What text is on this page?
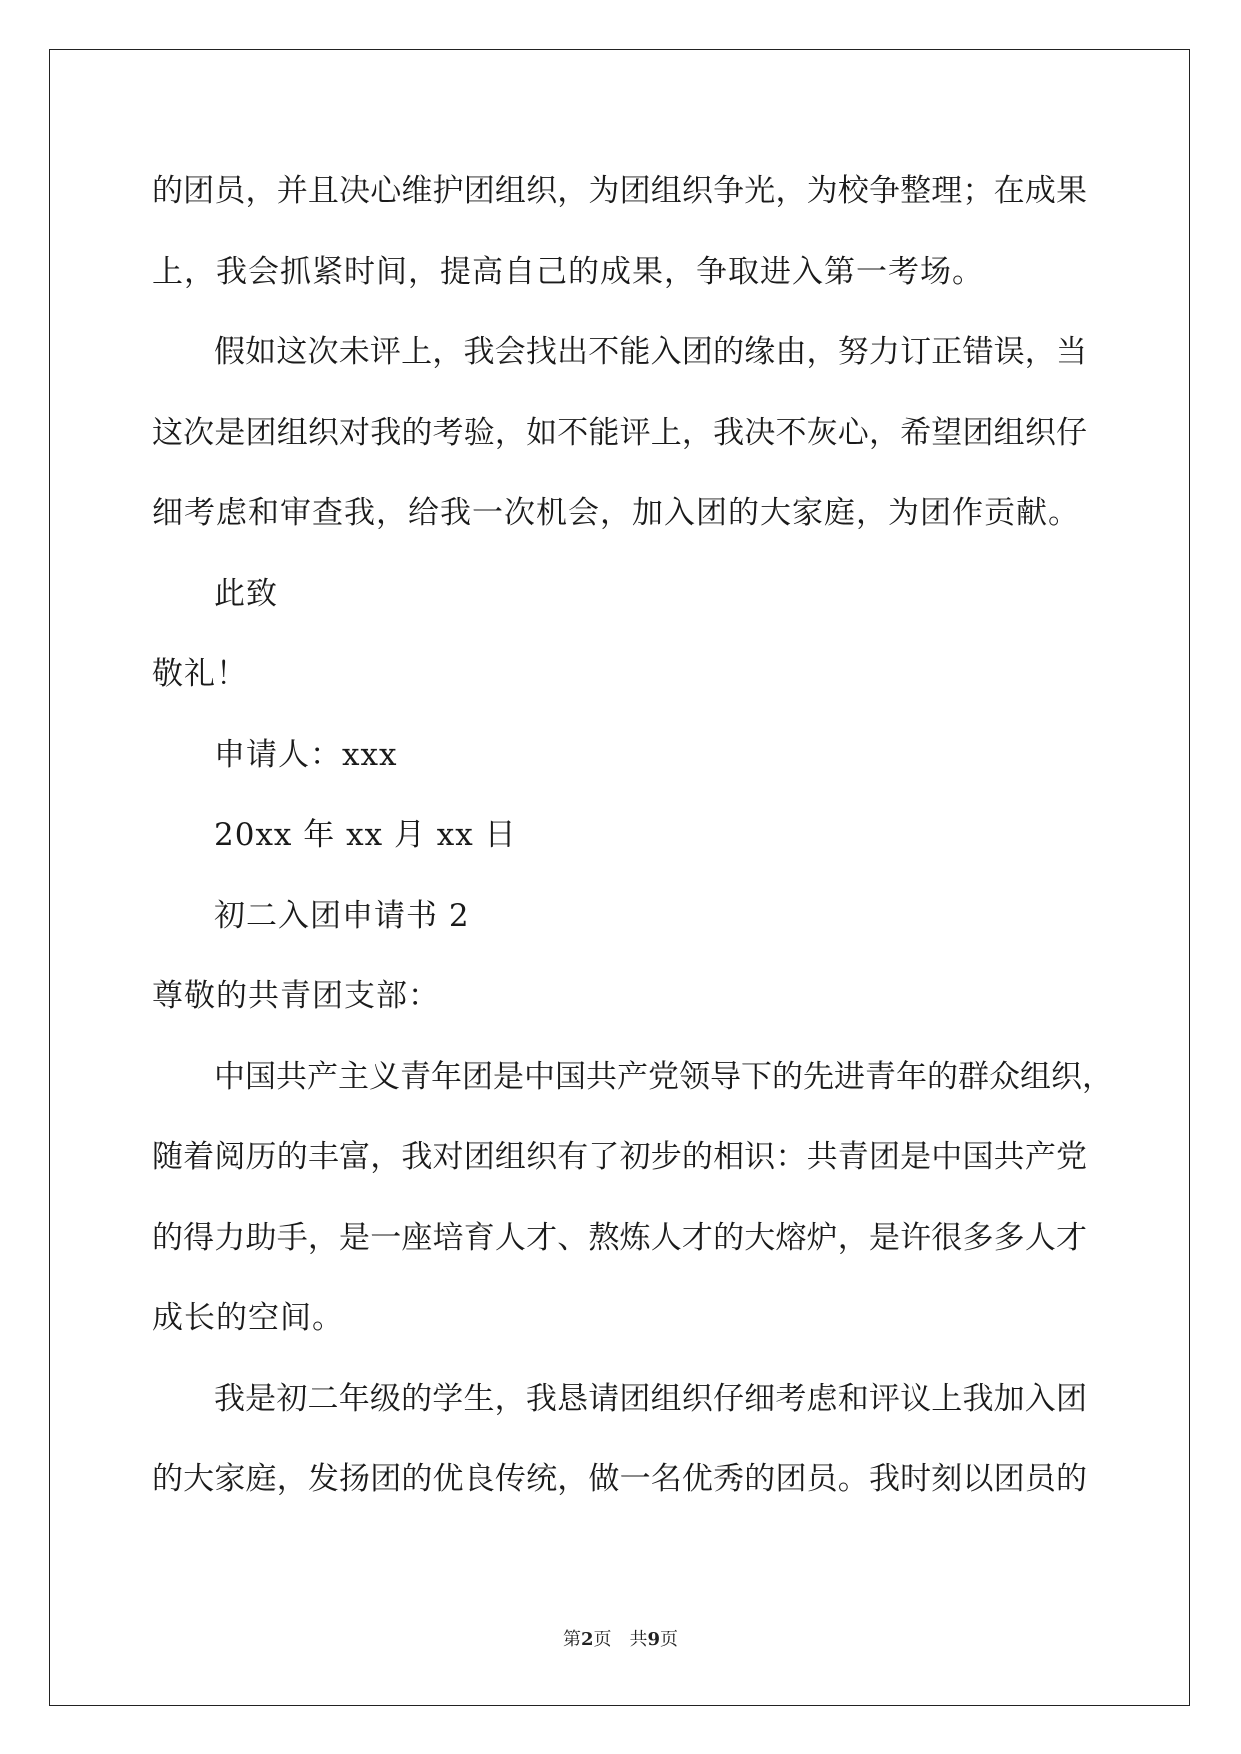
的团员，并且决心维护团组织，为团组织争光，为校争整理；在成果
上，我会抓紧时间，提高自己的成果，争取进入第一考场。
假如这次未评上，我会找出不能入团的缘由，努力订正错误，当
这次是团组织对我的考验，如不能评上，我决不灰心，希望团组织仔
细考虑和审查我，给我一次机会，加入团的大家庭，为团作贡献。
此致
敬礼！
申请人：xxx
20xx 年 xx 月 xx 日
初二入团申请书 2
尊敬的共青团支部：
中国共产主义青年团是中国共产党领导下的先进青年的群众组织，
随着阅历的丰富，我对团组织有了初步的相识：共青团是中国共产党
的得力助手，是一座培育人才、熬炼人才的大熔炉，是许很多多人才
成长的空间。
我是初二年级的学生，我恳请团组织仔细考虑和评议上我加入团
的大家庭，发扬团的优良传统，做一名优秀的团员。我时刻以团员的
第2页 共9页
